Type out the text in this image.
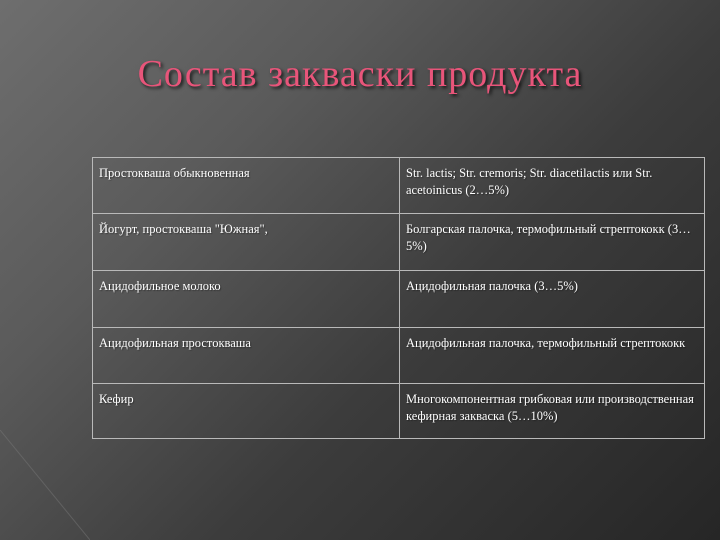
Состав закваски продукта
Простокваша обыкновенная	Str. lactis; Str. cremoris; Str. diacetilactis или Str. acetoinicus (2…5%)
Йогурт, простокваша "Южная",	Болгарская палочка, термофильный стрептококк (3…5%)
Ацидофильное молоко	Ацидофильная палочка (3…5%)
Ацидофильная простокваша	Ацидофильная палочка, термофильный стрептококк
Кефир	Многокомпонентная грибковая или производственная кефирная закваска (5…10%)
